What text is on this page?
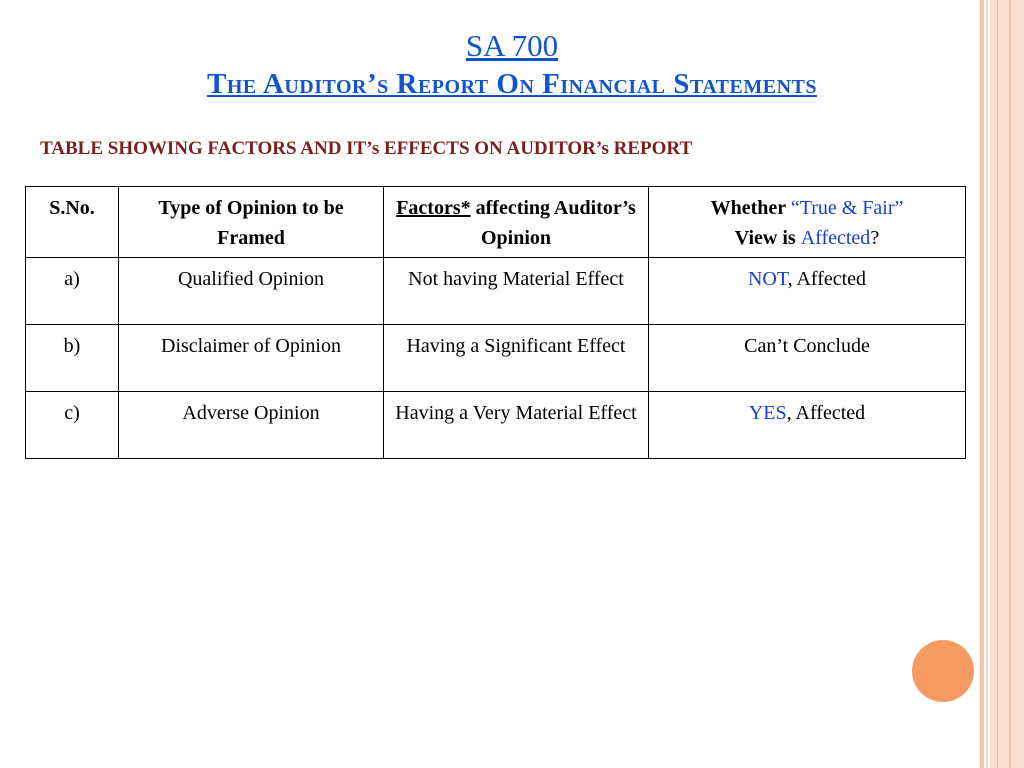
SA 700
The Auditor’s Report On Financial Statements
TABLE SHOWING FACTORS AND IT’s EFFECTS ON AUDITOR’s REPORT
S.No.	Type of Opinion to be Framed	Factors* affecting Auditor’s Opinion	Whether “True & Fair”
View is Affected?
a)	Qualified Opinion	Not having Material Effect	NOT, Affected
b)	Disclaimer of Opinion	Having a Significant Effect	Can’t Conclude
c)	Adverse Opinion	Having a Very Material Effect	YES, Affected
